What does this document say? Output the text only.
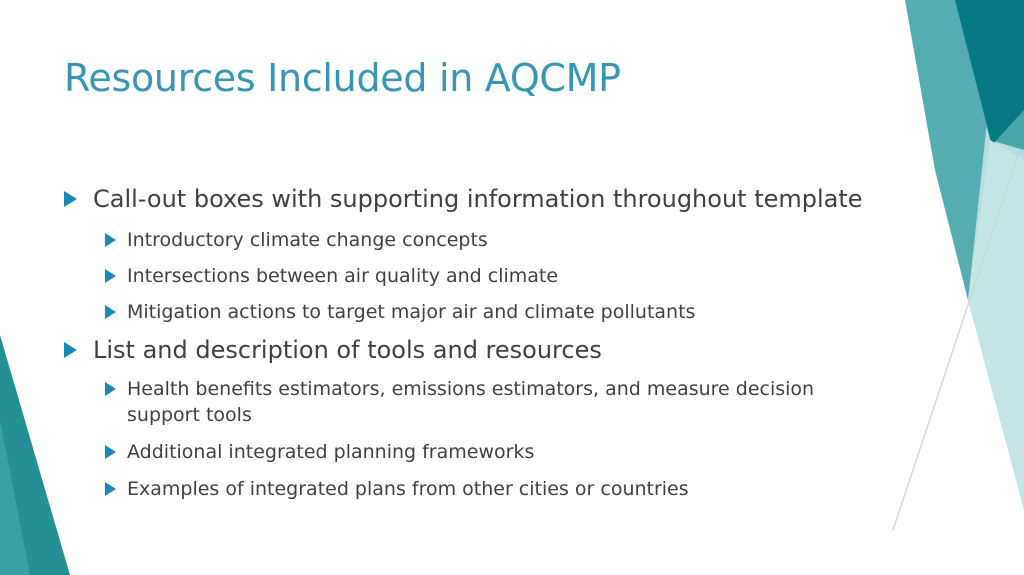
Resources Included in AQCMP
Call-out boxes with supporting information throughout template
Introductory climate change concepts
Intersections between air quality and climate
Mitigation actions to target major air and climate pollutants
List and description of tools and resources
Health benefits estimators, emissions estimators, and measure decision support tools
Additional integrated planning frameworks
Examples of integrated plans from other cities or countries
